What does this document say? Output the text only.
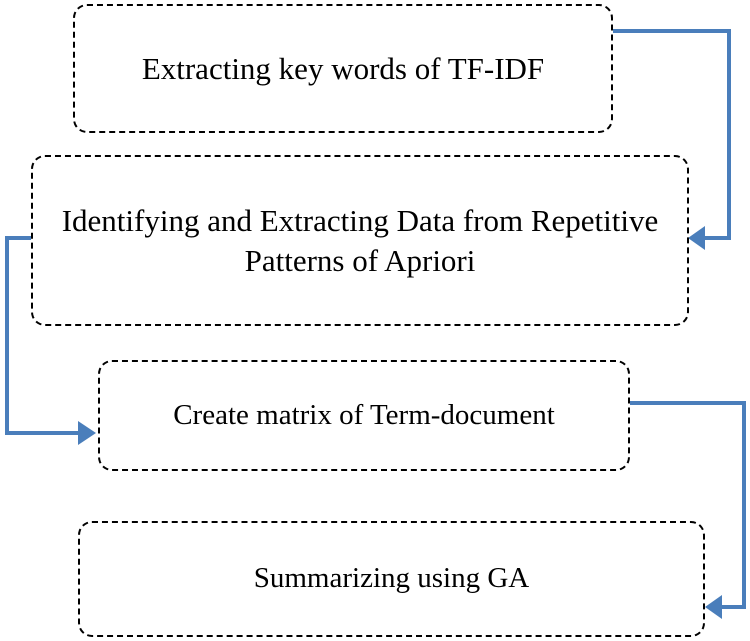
Extracting key words of TF-IDF
Identifying and Extracting Data from Repetitive Patterns of Apriori
Create matrix of Term-document
Summarizing using GA
